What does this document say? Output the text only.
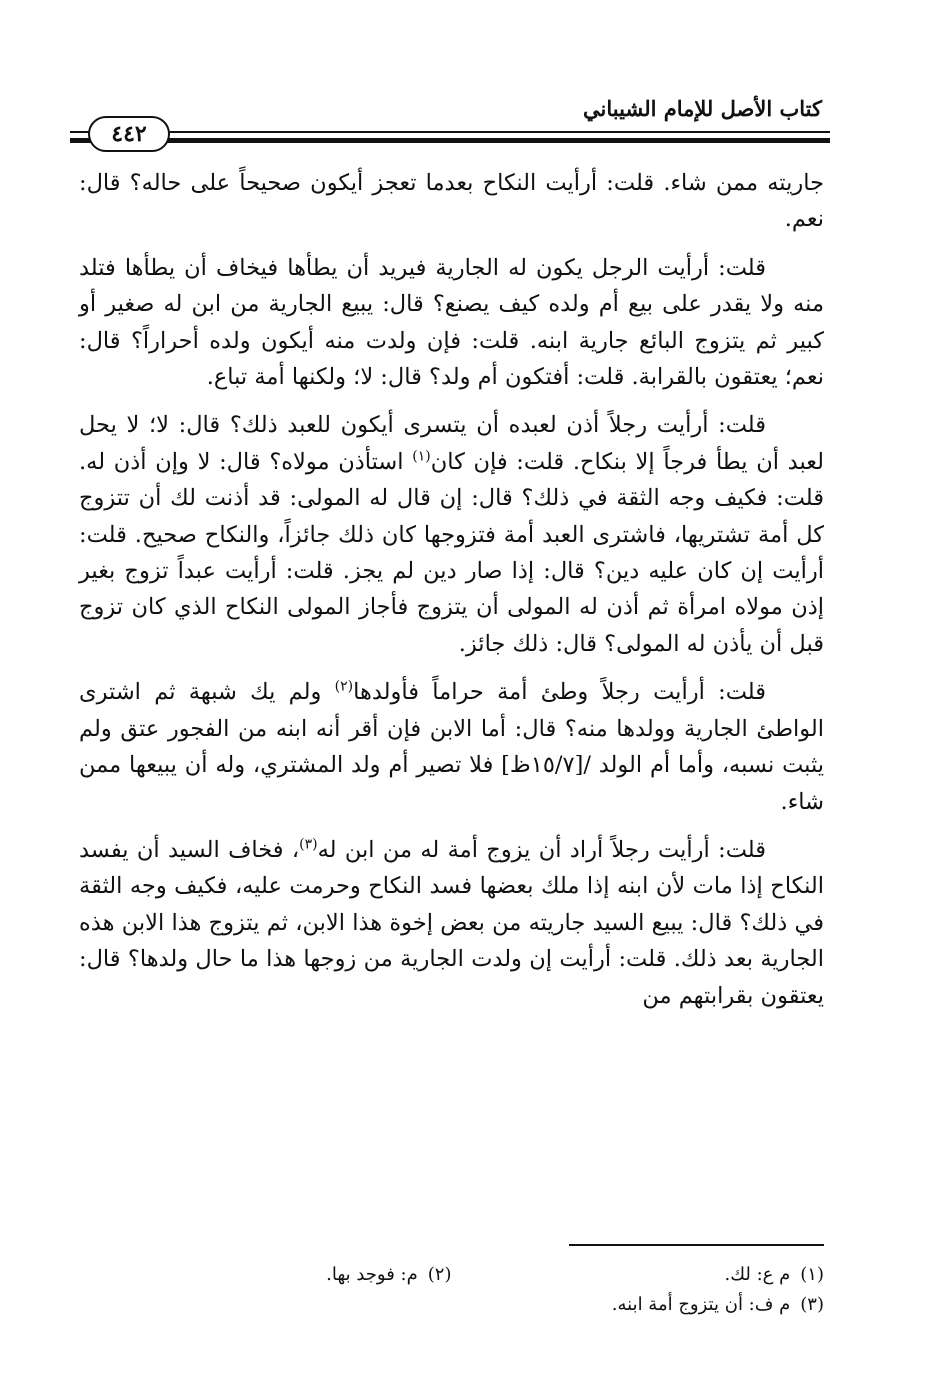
كتاب الأصل للإمام الشيباني
٤٤٢

جاريته ممن شاء. قلت: أرأيت النكاح بعدما تعجز أيكون صحيحاً على حاله؟ قال: نعم.

قلت: أرأيت الرجل يكون له الجارية فيريد أن يطأها فيخاف أن يطأها فتلد منه ولا يقدر على بيع أم ولده كيف يصنع؟ قال: يبيع الجارية من ابن له صغير أو كبير ثم يتزوج البائع جارية ابنه. قلت: فإن ولدت منه أيكون ولده أحراراً؟ قال: نعم؛ يعتقون بالقرابة. قلت: أفتكون أم ولد؟ قال: لا؛ ولكنها أمة تباع.

قلت: أرأيت رجلاً أذن لعبده أن يتسرى أيكون للعبد ذلك؟ قال: لا؛ لا يحل لعبد أن يطأ فرجاً إلا بنكاح. قلت: فإن كان$^{(١)}$ استأذن مولاه؟ قال: لا وإن أذن له. قلت: فكيف وجه الثقة في ذلك؟ قال: إن قال له المولى: قد أذنت لك أن تتزوج كل أمة تشتريها، فاشترى العبد أمة فتزوجها كان ذلك جائزاً، والنكاح صحيح. قلت: أرأيت إن كان عليه دين؟ قال: إذا صار دين لم يجز. قلت: أرأيت عبداً تزوج بغير إذن مولاه امرأة ثم أذن له المولى أن يتزوج فأجاز المولى النكاح الذي كان تزوج قبل أن يأذن له المولى؟ قال: ذلك جائز.

قلت: أرأيت رجلاً وطئ أمة حراماً فأولدها$^{(٢)}$ ولم يك شبهة ثم اشترى الواطئ الجارية وولدها منه؟ قال: أما الابن فإن أقر أنه ابنه من الفجور عتق ولم يثبت نسبه، وأما أم الولد /[١٥/٧ظ] فلا تصير أم ولد المشتري، وله أن يبيعها ممن شاء.

قلت: أرأيت رجلاً أراد أن يزوج أمة له من ابن له$^{(٣)}$، فخاف السيد أن يفسد النكاح إذا مات لأن ابنه إذا ملك بعضها فسد النكاح وحرمت عليه، فكيف وجه الثقة في ذلك؟ قال: يبيع السيد جاريته من بعض إخوة هذا الابن، ثم يتزوج هذا الابن هذه الجارية بعد ذلك. قلت: أرأيت إن ولدت الجارية من زوجها هذا ما حال ولدها؟ قال: يعتقون بقرابتهم من

(١)م ع: لك.
(٢)م: فوجد بها.
(٣)م ف: أن يتزوج أمة ابنه.
